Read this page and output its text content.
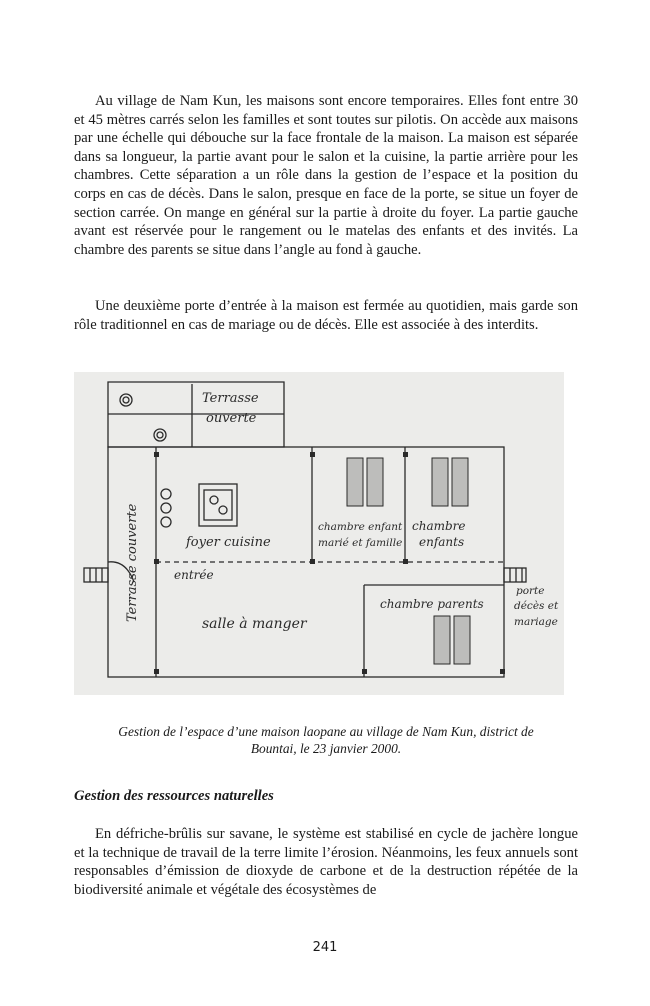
Au village de Nam Kun, les maisons sont encore temporaires. Elles font entre 30 et 45 mètres carrés selon les familles et sont toutes sur pilotis. On accède aux maisons par une échelle qui débouche sur la face frontale de la maison. La maison est séparée dans sa longueur, la partie avant pour le salon et la cuisine, la partie arrière pour les chambres. Cette séparation a un rôle dans la gestion de l’espace et la position du corps en cas de décès. Dans le salon, presque en face de la porte, se situe un foyer de section carrée. On mange en général sur la partie à droite du foyer. La partie gauche avant est réservée pour le rangement ou le matelas des enfants et des invités. La chambre des parents se situe dans l’angle au fond à gauche.

Une deuxième porte d’entrée à la maison est fermée au quotidien, mais garde son rôle traditionnel en cas de mariage ou de décès. Elle est associée à des interdits.

Terrasse
ouverte
Terrasse couverte	foyer cuisine
entrée
salle à manger
chambre enfant
marié et famille
chambre
enfants
chambre parents
porte
décès et
mariage

Gestion de l’espace d’une maison laopane au village de Nam Kun, district de
Bountai, le 23 janvier 2000.

Gestion des ressources naturelles

En défriche-brûlis sur savane, le système est stabilisé en cycle de jachère longue et la technique de travail de la terre limite l’érosion. Néanmoins, les feux annuels sont responsables d’émission de dioxyde de carbone et de la destruction répétée de la biodiversité animale et végétale des écosystèmes de

241
